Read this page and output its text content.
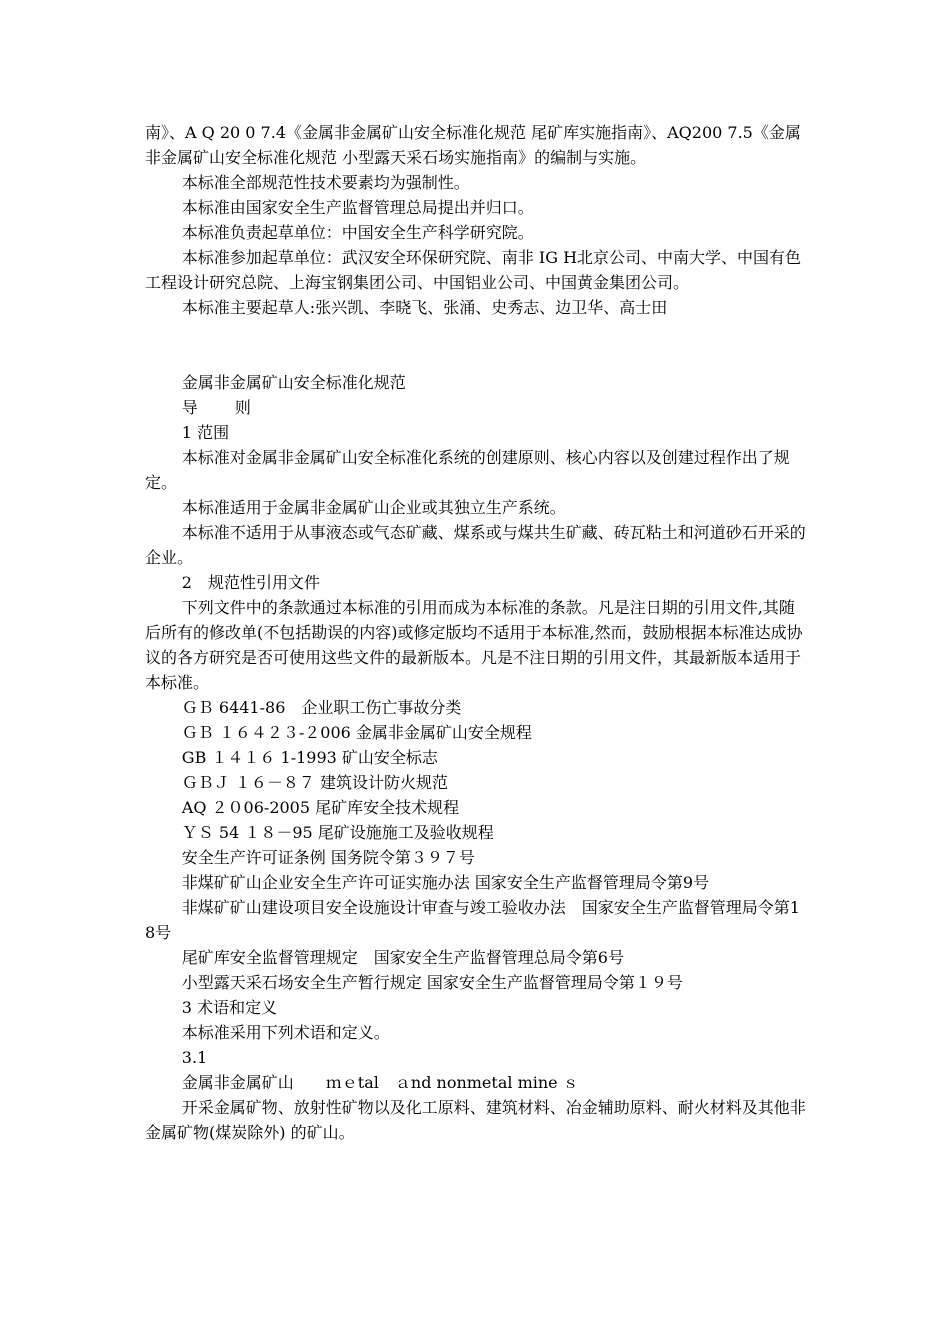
南》、A Q 20 0 7.4《金属非金属矿山安全标准化规范 尾矿库实施指南》、AQ200 7.5《金属非金属矿山安全标准化规范 小型露天采石场实施指南》的编制与实施。

本标准全部规范性技术要素均为强制性。

本标准由国家安全生产监督管理总局提出并归口。

本标准负责起草单位：中国安全生产科学研究院。

本标准参加起草单位：武汉安全环保研究院、南非 IG H北京公司、中南大学、中国有色工程设计研究总院、上海宝钢集团公司、中国铝业公司、中国黄金集团公司。

本标准主要起草人:张兴凯、李晓飞、张涌、史秀志、边卫华、高士田

金属非金属矿山安全标准化规范

导　　 则

1 范围

本标准对金属非金属矿山安全标准化系统的创建原则、核心内容以及创建过程作出了规定。

本标准适用于金属非金属矿山企业或其独立生产系统。

本标准不适用于从事液态或气态矿藏、煤系或与煤共生矿藏、砖瓦粘土和河道砂石开采的企业。

2　规范性引用文件

下列文件中的条款通过本标准的引用而成为本标准的条款。凡是注日期的引用文件,其随后所有的修改单(不包括勘误的内容)或修定版均不适用于本标准,然而，鼓励根据本标准达成协议的各方研究是否可使用这些文件的最新版本。凡是不注日期的引用文件，其最新版本适用于本标准。

ＧＢ 6441-86　企业职工伤亡事故分类

ＧＢ １６４２３-２006 金属非金属矿山安全规程

GB １４１６ 1-1993 矿山安全标志

ＧＢＪ １６－８７ 建筑设计防火规范

AQ ２０06-2005 尾矿库安全技术规程

ＹＳ 54 １８－95 尾矿设施施工及验收规程

安全生产许可证条例 国务院令第３９７号

非煤矿矿山企业安全生产许可证实施办法 国家安全生产监督管理局令第9号

非煤矿矿山建设项目安全设施设计审查与竣工验收办法　国家安全生产监督管理局令第18号

尾矿库安全监督管理规定　国家安全生产监督管理总局令第6号

小型露天采石场安全生产暂行规定 国家安全生产监督管理局令第１９号

3 术语和定义

本标准采用下列术语和定义。

3.1

金属非金属矿山　　ｍｅtal　ａnd nonmetal mine ｓ

开采金属矿物、放射性矿物以及化工原料、建筑材料、冶金辅助原料、耐火材料及其他非金属矿物(煤炭除外) 的矿山。
